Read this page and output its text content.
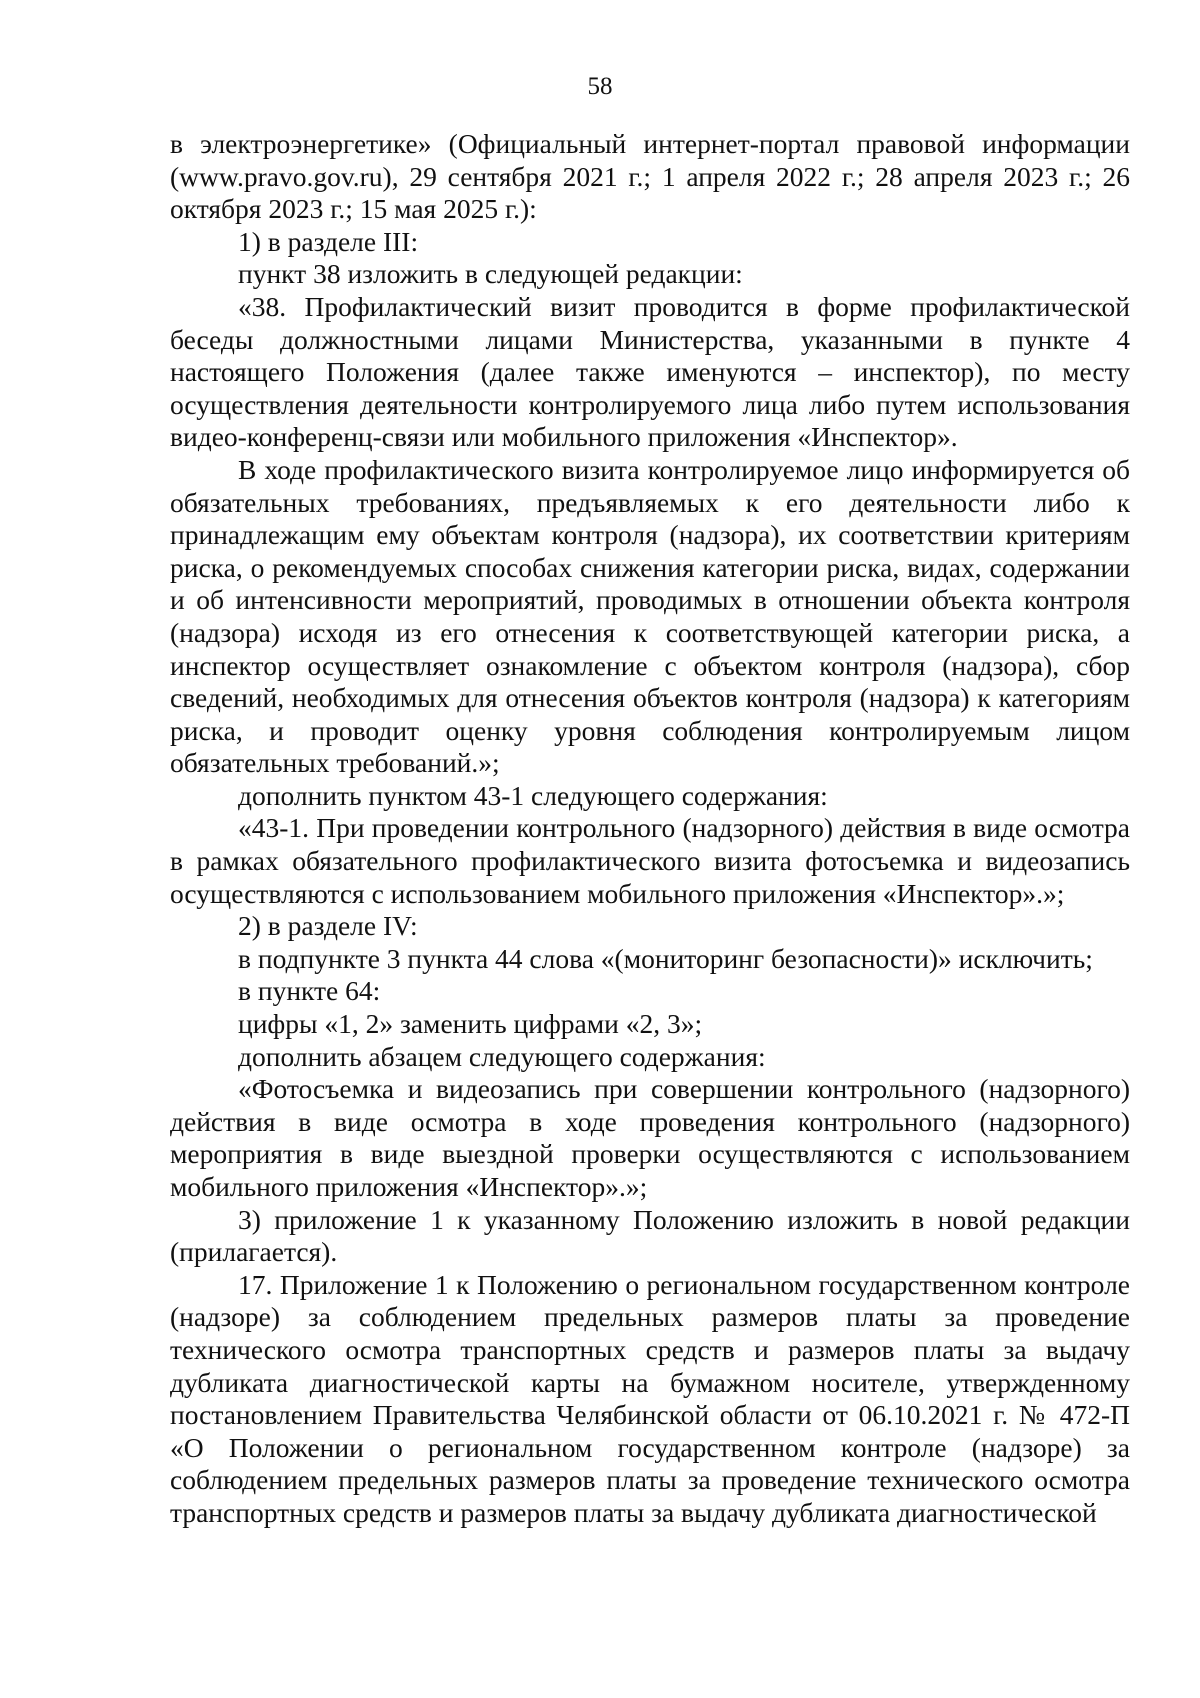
58

в электроэнергетике» (Официальный интернет-портал правовой информации (www.pravo.gov.ru), 29 сентября 2021 г.; 1 апреля 2022 г.; 28 апреля 2023 г.; 26 октября 2023 г.; 15 мая 2025 г.):

1) в разделе III:

пункт 38 изложить в следующей редакции:

«38. Профилактический визит проводится в форме профилактической беседы должностными лицами Министерства, указанными в пункте 4 настоящего Положения (далее также именуются – инспектор), по месту осуществления деятельности контролируемого лица либо путем использования видео-конференц-связи или мобильного приложения «Инспектор».

В ходе профилактического визита контролируемое лицо информируется об обязательных требованиях, предъявляемых к его деятельности либо к принадлежащим ему объектам контроля (надзора), их соответствии критериям риска, о рекомендуемых способах снижения категории риска, видах, содержании и об интенсивности мероприятий, проводимых в отношении объекта контроля (надзора) исходя из его отнесения к соответствующей категории риска, а инспектор осуществляет ознакомление с объектом контроля (надзора), сбор сведений, необходимых для отнесения объектов контроля (надзора) к категориям риска, и проводит оценку уровня соблюдения контролируемым лицом обязательных требований.»;

дополнить пунктом 43-1 следующего содержания:

«43-1. При проведении контрольного (надзорного) действия в виде осмотра в рамках обязательного профилактического визита фотосъемка и видеозапись осуществляются с использованием мобильного приложения «Инспектор».»;

2) в разделе IV:

в подпункте 3 пункта 44 слова «(мониторинг безопасности)» исключить;

в пункте 64:

цифры «1, 2» заменить цифрами «2, 3»;

дополнить абзацем следующего содержания:

«Фотосъемка и видеозапись при совершении контрольного (надзорного) действия в виде осмотра в ходе проведения контрольного (надзорного) мероприятия в виде выездной проверки осуществляются с использованием мобильного приложения «Инспектор».»;

3) приложение 1 к указанному Положению изложить в новой редакции (прилагается).

17. Приложение 1 к Положению о региональном государственном контроле (надзоре) за соблюдением предельных размеров платы за проведение технического осмотра транспортных средств и размеров платы за выдачу дубликата диагностической карты на бумажном носителе, утвержденному постановлением Правительства Челябинской области от 06.10.2021 г. № 472-П «О Положении о региональном государственном контроле (надзоре) за соблюдением предельных размеров платы за проведение технического осмотра транспортных средств и размеров платы за выдачу дубликата диагностической
